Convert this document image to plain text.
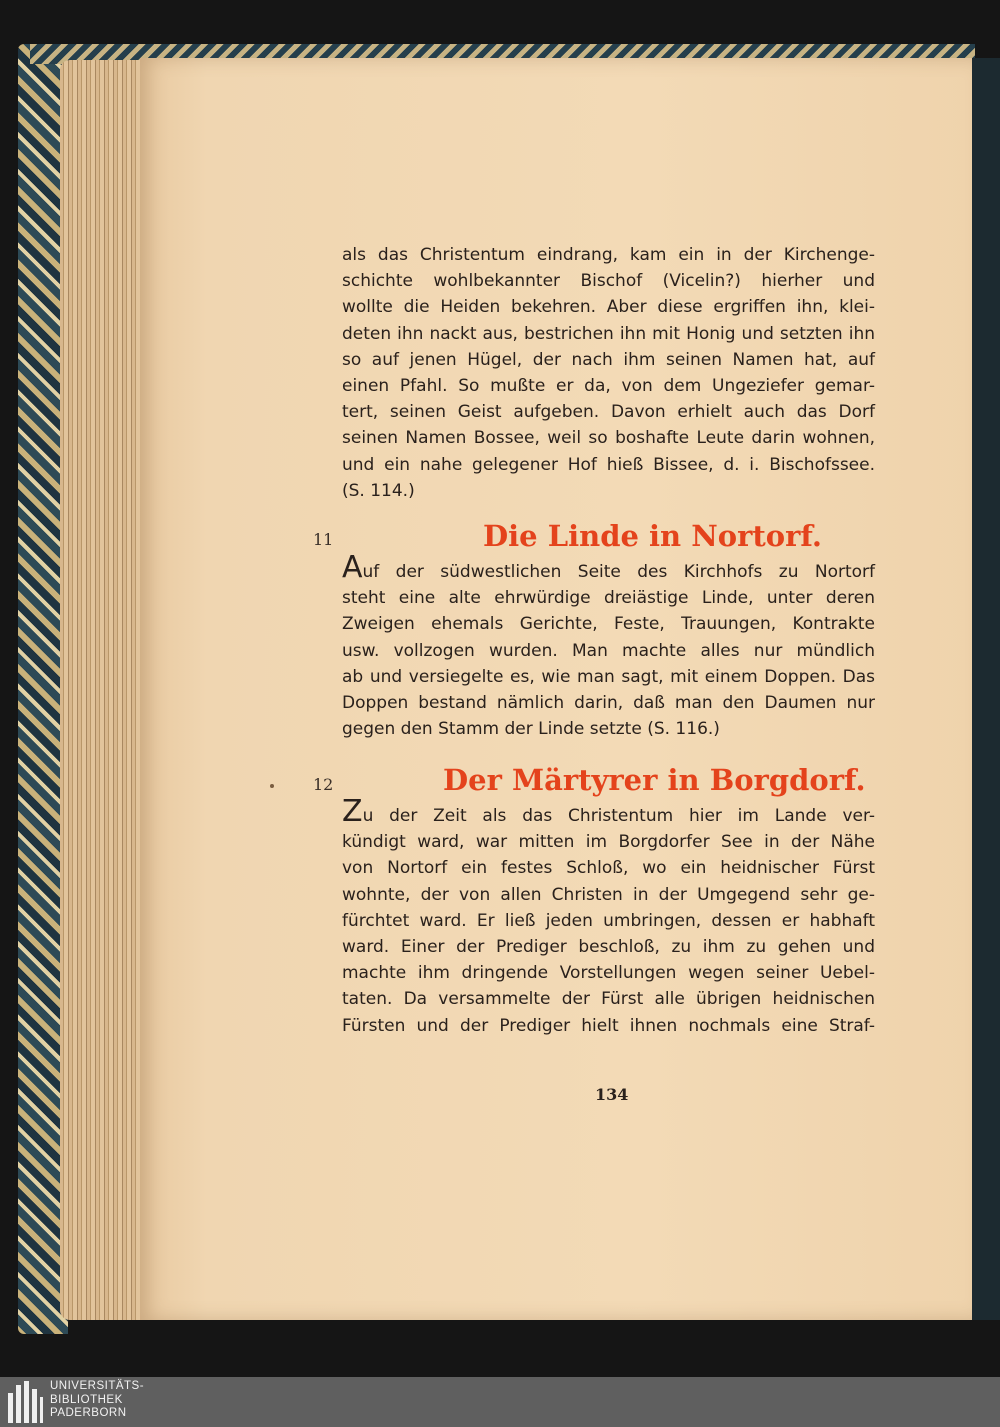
als das Christentum eindrang, kam ein in der Kirchenge-
schichte wohlbekannter Bischof (Vicelin?) hierher und
wollte die Heiden bekehren. Aber diese ergriffen ihn, klei-
deten ihn nackt aus, bestrichen ihn mit Honig und setzten ihn
so auf jenen Hügel, der nach ihm seinen Namen hat, auf
einen Pfahl. So mußte er da, von dem Ungeziefer gemar-
tert, seinen Geist aufgeben. Davon erhielt auch das Dorf
seinen Namen Bossee, weil so boshafte Leute darin wohnen,
und ein nahe gelegener Hof hieß Bissee, d. i. Bischofssee.
(S. 114.)
11	Die Linde in Nortorf.
Auf der südwestlichen Seite des Kirchhofs zu Nortorf
steht eine alte ehrwürdige dreiästige Linde, unter deren
Zweigen ehemals Gerichte, Feste, Trauungen, Kontrakte
usw. vollzogen wurden. Man machte alles nur mündlich
ab und versiegelte es, wie man sagt, mit einem Doppen. Das
Doppen bestand nämlich darin, daß man den Daumen nur
gegen den Stamm der Linde setzte (S. 116.)
12	Der Märtyrer in Borgdorf.
Zu der Zeit als das Christentum hier im Lande ver-
kündigt ward, war mitten im Borgdorfer See in der Nähe
von Nortorf ein festes Schloß, wo ein heidnischer Fürst
wohnte, der von allen Christen in der Umgegend sehr ge-
fürchtet ward. Er ließ jeden umbringen, dessen er habhaft
ward. Einer der Prediger beschloß, zu ihm zu gehen und
machte ihm dringende Vorstellungen wegen seiner Uebel-
taten. Da versammelte der Fürst alle übrigen heidnischen
Fürsten und der Prediger hielt ihnen nochmals eine Straf-
134
UNIVERSITÄTS-
BIBLIOTHEK
PADERBORN
